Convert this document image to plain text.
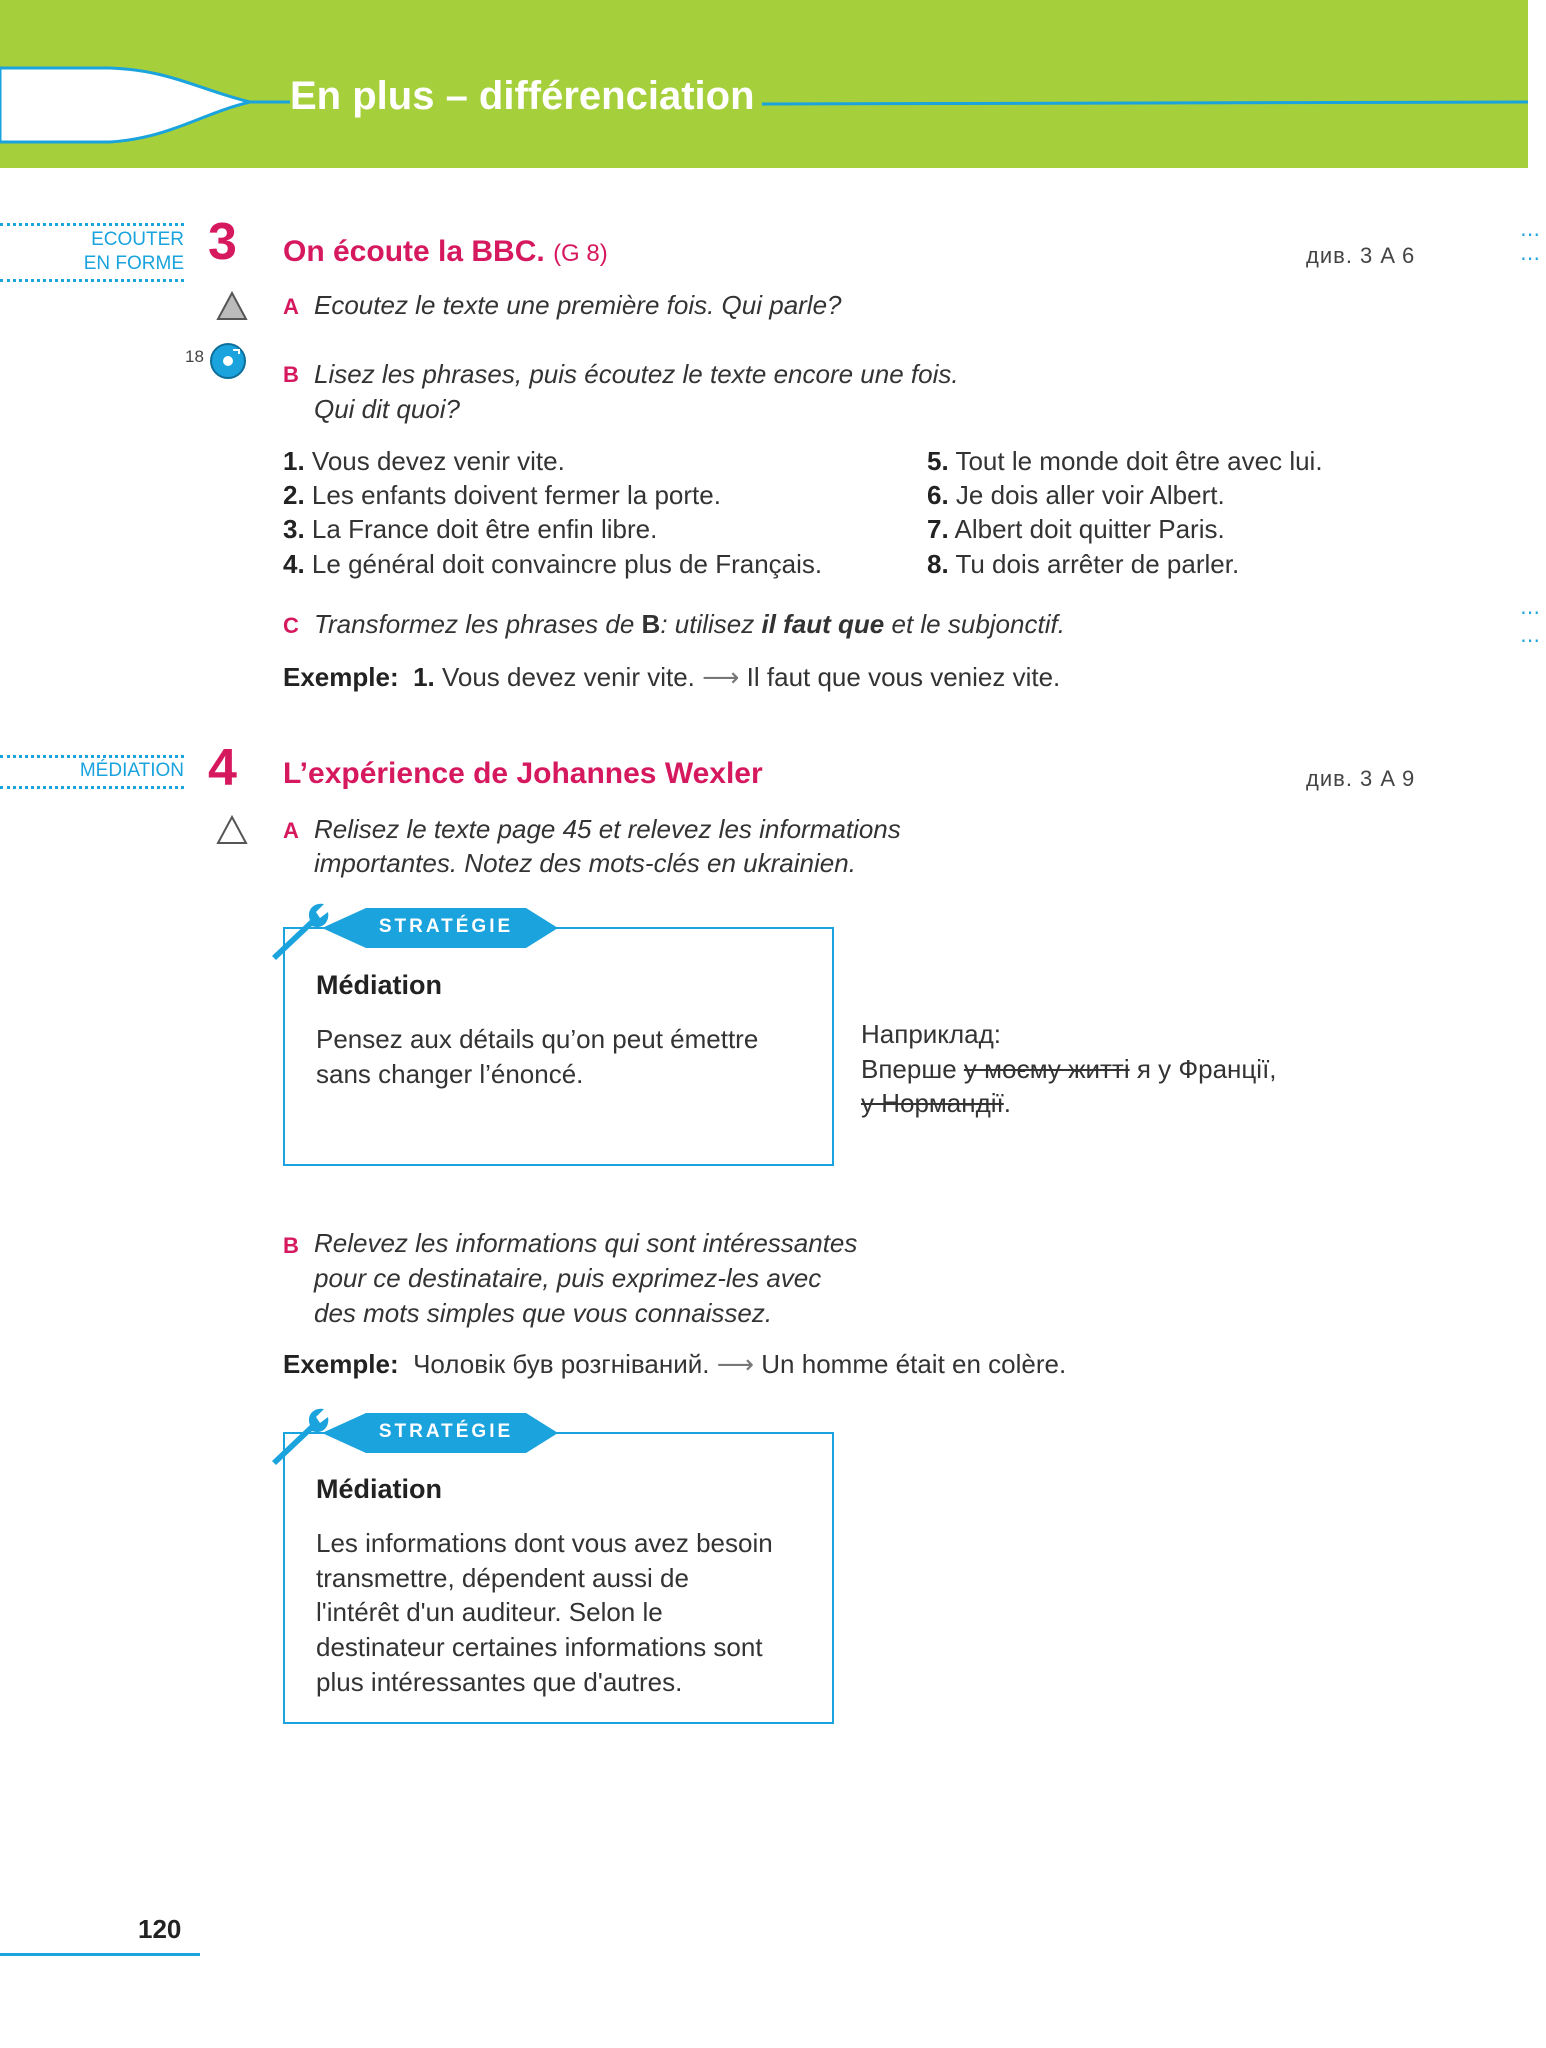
En plus – différenciation
ECOUTER
EN FORME 3 On écoute la BBC. (G 8)	див. 3 A 6
⋯
⋯
A Ecoutez le texte une première fois. Qui parle?
18
B Lisez les phrases, puis écoutez le texte encore une fois.
Qui dit quoi?
1. Vous devez venir vite.
2. Les enfants doivent fermer la porte.
3. La France doit être enfin libre.
4. Le général doit convaincre plus de Français.
5. Tout le monde doit être avec lui.
6. Je dois aller voir Albert.
7. Albert doit quitter Paris.
8. Tu dois arrêter de parler.
⋯
⋯
C Transformez les phrases de B: utilisez il faut que et le subjonctif.
Exemple: 1. Vous devez venir vite. ⟶ Il faut que vous veniez vite.
MÉDIATION 4 L’expérience de Johannes Wexler	див. 3 A 9
A Relisez le texte page 45 et relevez les informations
importantes. Notez des mots-clés en ukrainien.
STRATÉGIE
Médiation
Pensez aux détails qu’on peut émettre
sans changer l’énoncé.
Наприклад:
Вперше у моєму житті я у Франції,
у Нормандії.
B Relevez les informations qui sont intéressantes
pour ce destinataire, puis exprimez-les avec
des mots simples que vous connaissez.
Exemple: Чоловік був розгніваний. ⟶ Un homme était en colère.
STRATÉGIE
Médiation
Les informations dont vous avez besoin
transmettre, dépendent aussi de
l'intérêt d'un auditeur. Selon le
destinateur certaines informations sont
plus intéressantes que d'autres.
120
